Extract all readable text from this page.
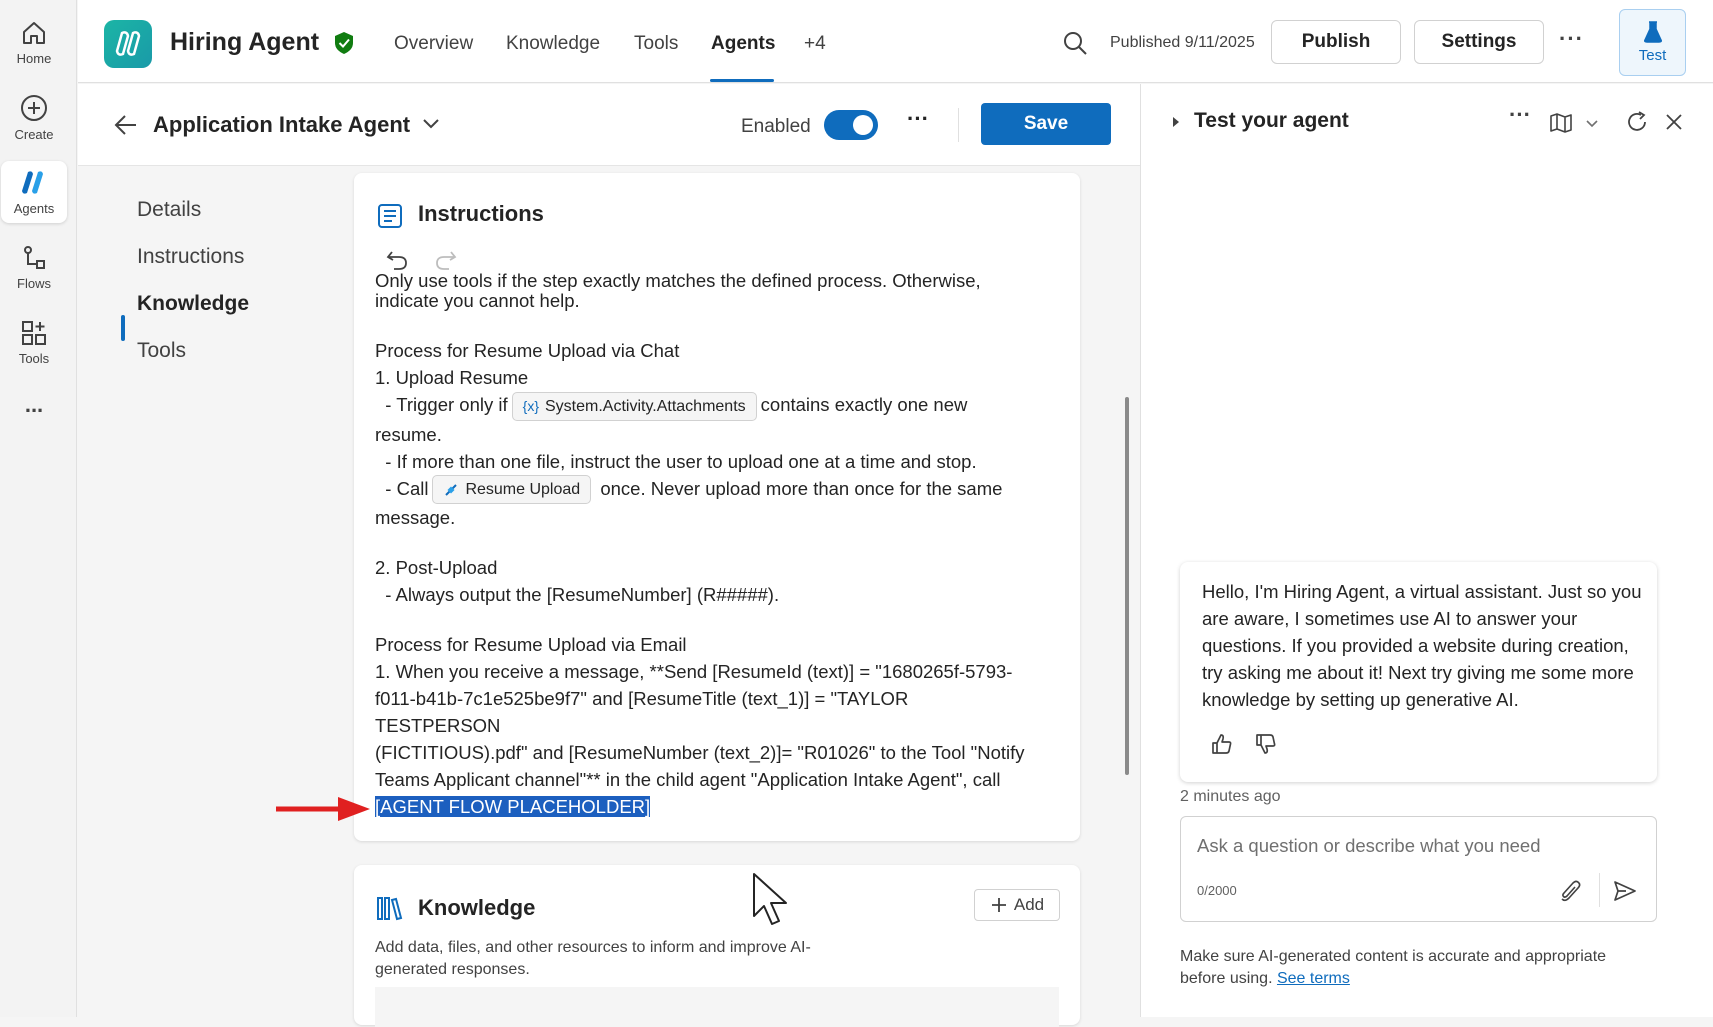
Home
Create
Agents
Flows
Tools
...
Hiring Agent	Overview Knowledge Tools Agents +4	Published 9/11/2025	Publish	Settings	···
Test
Application Intake Agent	Enabled	···	Save
Details
Instructions
Knowledge
Tools
Instructions

Only use tools if the step exactly matches the defined process. Otherwise,

indicate you cannot help.

Process for Resume Upload via Chat

1. Upload Resume

- Trigger only if {x} System.Activity.Attachments contains exactly one new

resume.

- If more than one file, instruct the user to upload one at a time and stop.

- Call Resume Upload once. Never upload more than once for the same

message.

2. Post-Upload

- Always output the [ResumeNumber] (R#####).

Process for Resume Upload via Email

1. When you receive a message, **Send [ResumeId (text)] = "1680265f-5793-

f011-b41b-7c1e525be9f7" and [ResumeTitle (text_1)] = "TAYLOR TESTPERSON

(FICTITIOUS).pdf" and [ResumeNumber (text_2)]= "R01026" to the Tool "Notify

Teams Applicant channel"** in the child agent "Application Intake Agent", call

[AGENT FLOW PLACEHOLDER]

Knowledge
Add data, files, and other resources to inform and improve AI-generated responses.
Add
Test your agent	···
Hello, I'm Hiring Agent, a virtual assistant. Just so you are aware, I sometimes use AI to answer your questions. If you provided a website during creation, try asking me about it! Next try giving me some more knowledge by setting up generative AI.
2 minutes ago
Ask a question or describe what you need
0/2000
Make sure AI-generated content is accurate and appropriate before using. See terms
